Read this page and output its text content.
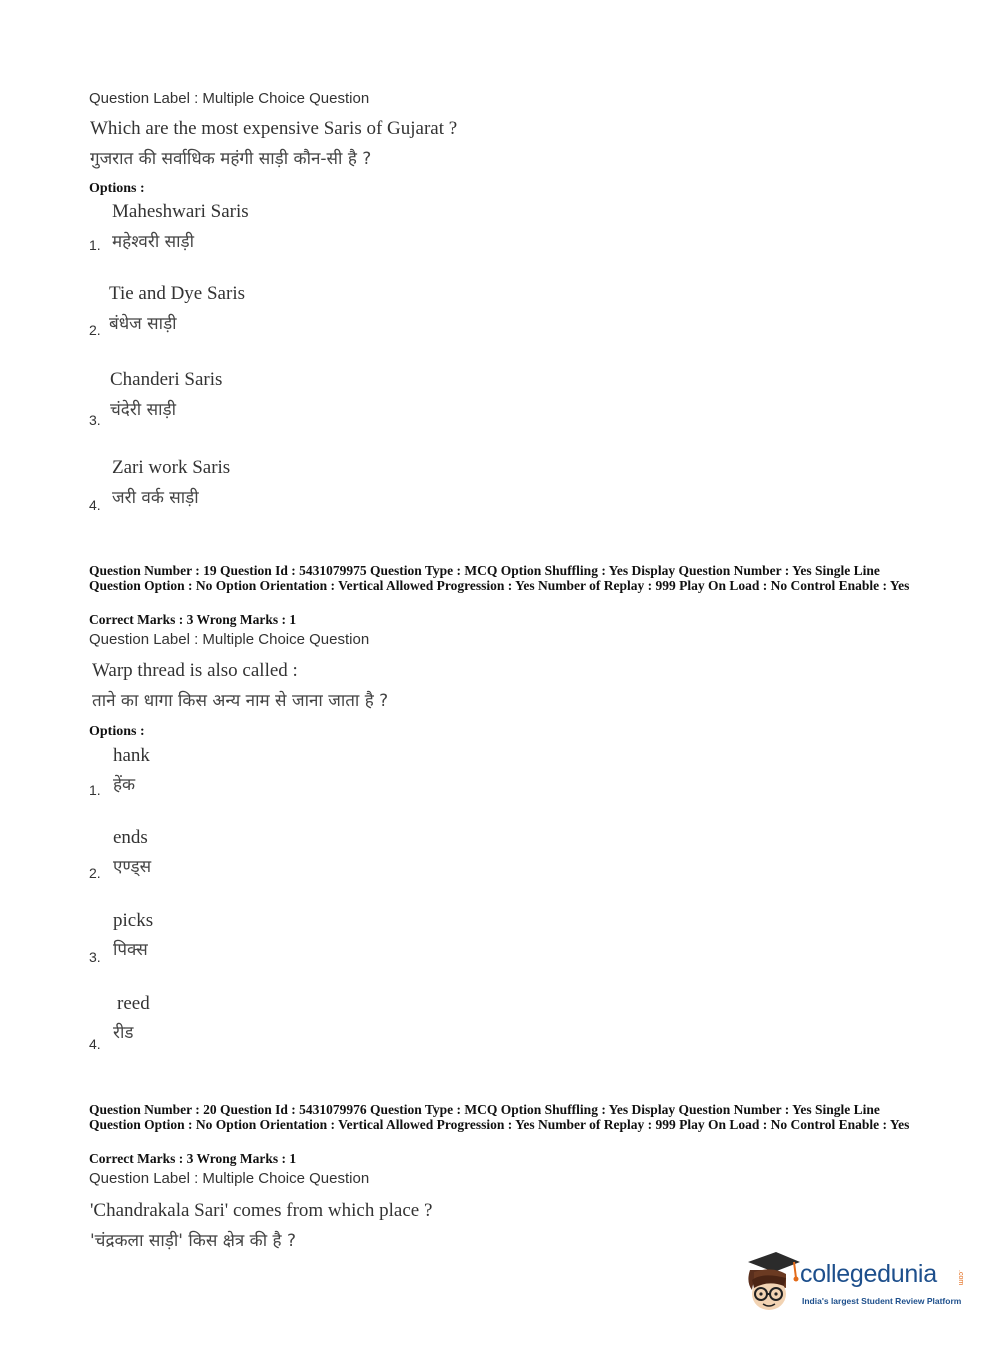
Question Label : Multiple Choice Question
Which are the most expensive Saris of Gujarat ?
गुजरात की सर्वाधिक महंगी साड़ी कौन-सी है ?
Options :
Maheshwari Saris
महेश्वरी साड़ी
1.
Tie and Dye Saris
बंधेज साड़ी
2.
Chanderi Saris
चंदेरी साड़ी
3.
Zari work Saris
जरी वर्क साड़ी
4.
Question Number : 19 Question Id : 5431079975 Question Type : MCQ Option Shuffling : Yes Display Question Number : Yes Single Line Question Option : No Option Orientation : Vertical Allowed Progression : Yes Number of Replay : 999 Play On Load : No Control Enable : Yes
Correct Marks : 3 Wrong Marks : 1
Question Label : Multiple Choice Question
Warp thread is also called :
ताने का धागा किस अन्य नाम से जाना जाता है ?
Options :
hank
हेंक
1.
ends
एण्ड्स
2.
picks
पिक्स
3.
reed
रीड
4.
Question Number : 20 Question Id : 5431079976 Question Type : MCQ Option Shuffling : Yes Display Question Number : Yes Single Line Question Option : No Option Orientation : Vertical Allowed Progression : Yes Number of Replay : 999 Play On Load : No Control Enable : Yes
Correct Marks : 3 Wrong Marks : 1
Question Label : Multiple Choice Question
'Chandrakala Sari' comes from which place ?
'चंद्रकला साड़ी' किस क्षेत्र की है ?
collegedunia	.com
India's largest Student Review Platform
